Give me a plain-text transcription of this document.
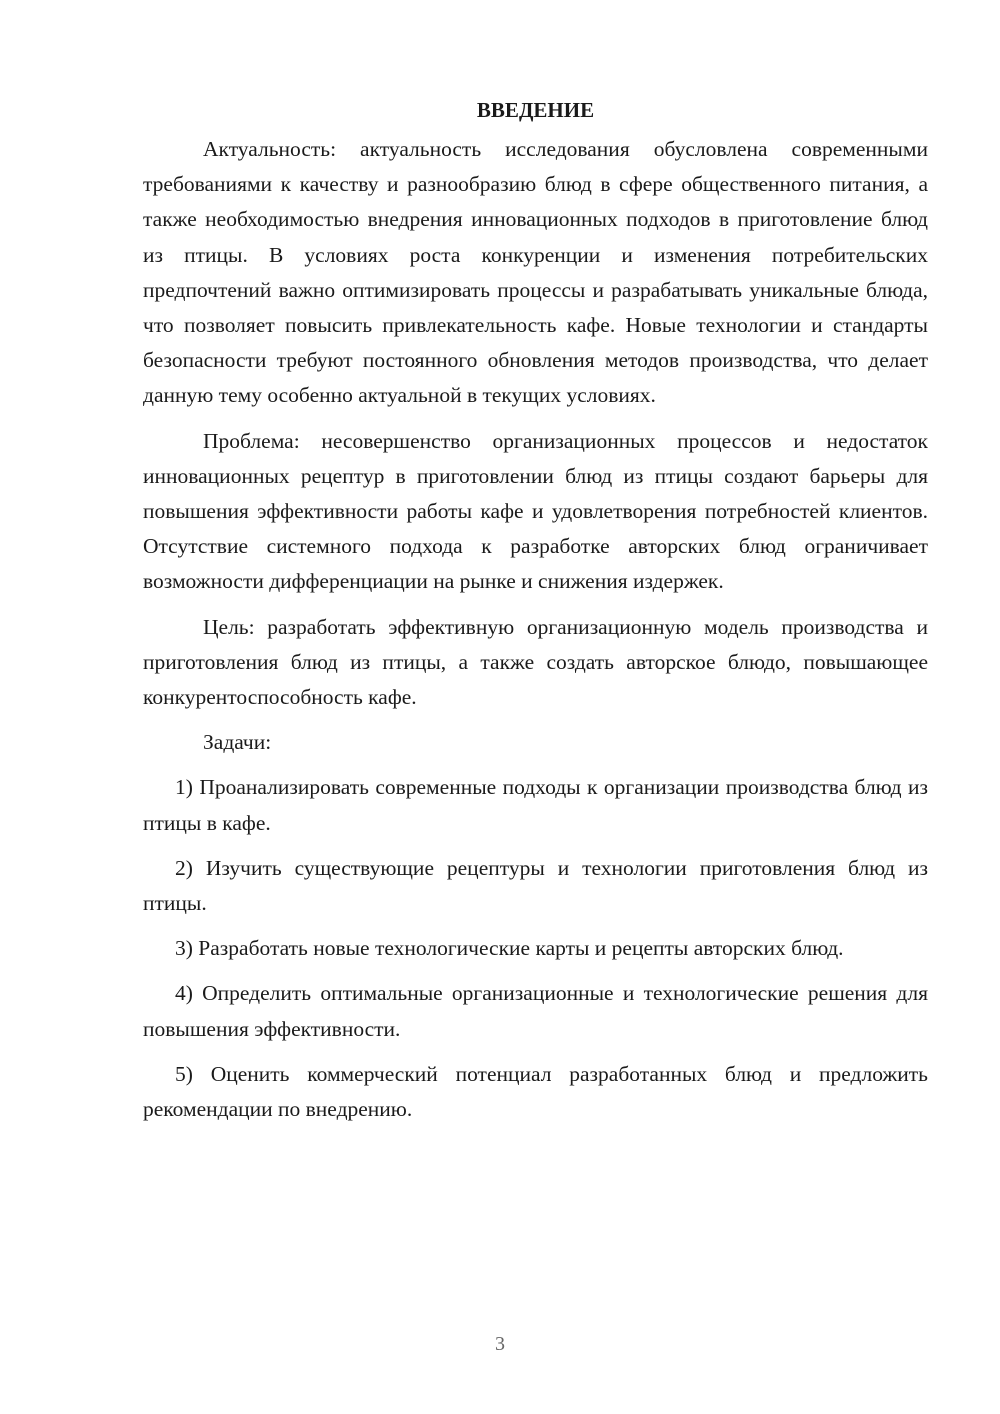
ВВЕДЕНИЕ

Актуальность: актуальность исследования обусловлена современными требованиями к качеству и разнообразию блюд в сфере общественного питания, а также необходимостью внедрения инновационных подходов в приготовление блюд из птицы. В условиях роста конкуренции и изменения потребительских предпочтений важно оптимизировать процессы и разрабатывать уникальные блюда, что позволяет повысить привлекательность кафе. Новые технологии и стандарты безопасности требуют постоянного обновления методов производства, что делает данную тему особенно актуальной в текущих условиях.

Проблема: несовершенство организационных процессов и недостаток инновационных рецептур в приготовлении блюд из птицы создают барьеры для повышения эффективности работы кафе и удовлетворения потребностей клиентов. Отсутствие системного подхода к разработке авторских блюд ограничивает возможности дифференциации на рынке и снижения издержек.

Цель: разработать эффективную организационную модель производства и приготовления блюд из птицы, а также создать авторское блюдо, повышающее конкурентоспособность кафе.

Задачи:

1) Проанализировать современные подходы к организации производства блюд из птицы в кафе.

2) Изучить существующие рецептуры и технологии приготовления блюд из птицы.

3) Разработать новые технологические карты и рецепты авторских блюд.

4) Определить оптимальные организационные и технологические решения для повышения эффективности.

5) Оценить коммерческий потенциал разработанных блюд и предложить рекомендации по внедрению.

3
